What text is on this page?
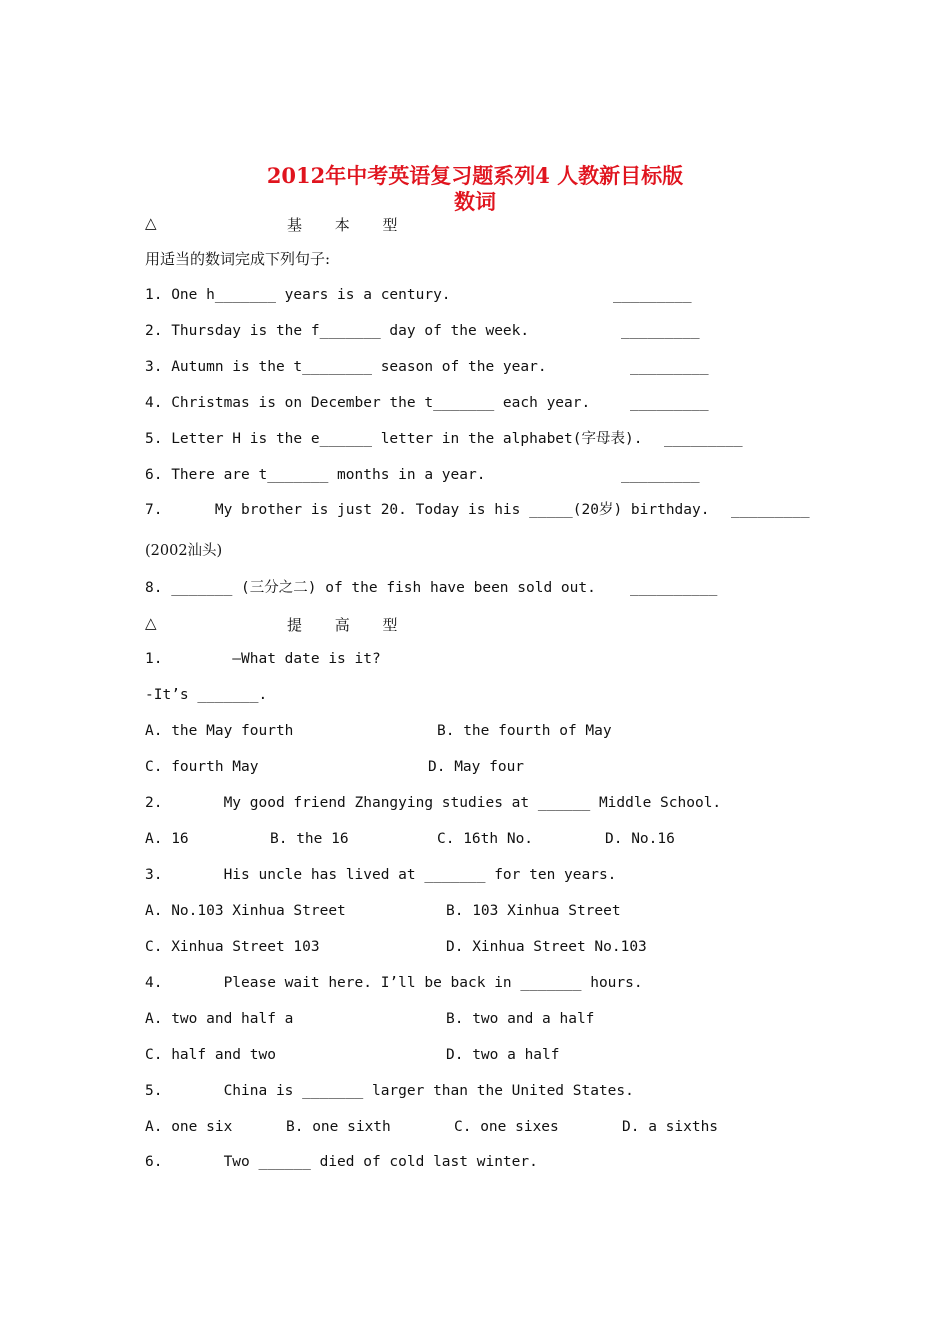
2012年中考英语复习题系列4 人教新目标版
数词
△	基 本 型
用适当的数词完成下列句子:
1. One h_______ years is a century.	_________
2. Thursday is the f_______ day of the week.	_________
3. Autumn is the t________ season of the year.	_________
4. Christmas is on December the t_______ each year.	_________
5. Letter H is the e______ letter in the alphabet(字母表). _________
6. There are t_______ months in a year.	_________
7.      My brother is just 20. Today is his _____(20岁) birthday. _________
(2002汕头)
8. _______ (三分之二) of the fish have been sold out. __________
△	提 高 型
1.        –What date is it?
-It’s _______.
A. the May fourth	B. the fourth of May
C. fourth May	D. May four
2.       My good friend Zhangying studies at ______ Middle School.
A. 16	B. the 16	C. 16th No.	D. No.16
3.       His uncle has lived at _______ for ten years.
A. No.103 Xinhua Street	B. 103 Xinhua Street
C. Xinhua Street 103	D. Xinhua Street No.103
4.       Please wait here. I’ll be back in _______ hours.
A. two and half a	B. two and a half
C. half and two	D. two a half
5.       China is _______ larger than the United States.
A. one six	B. one sixth	C. one sixes	D. a sixths
6.       Two ______ died of cold last winter.
